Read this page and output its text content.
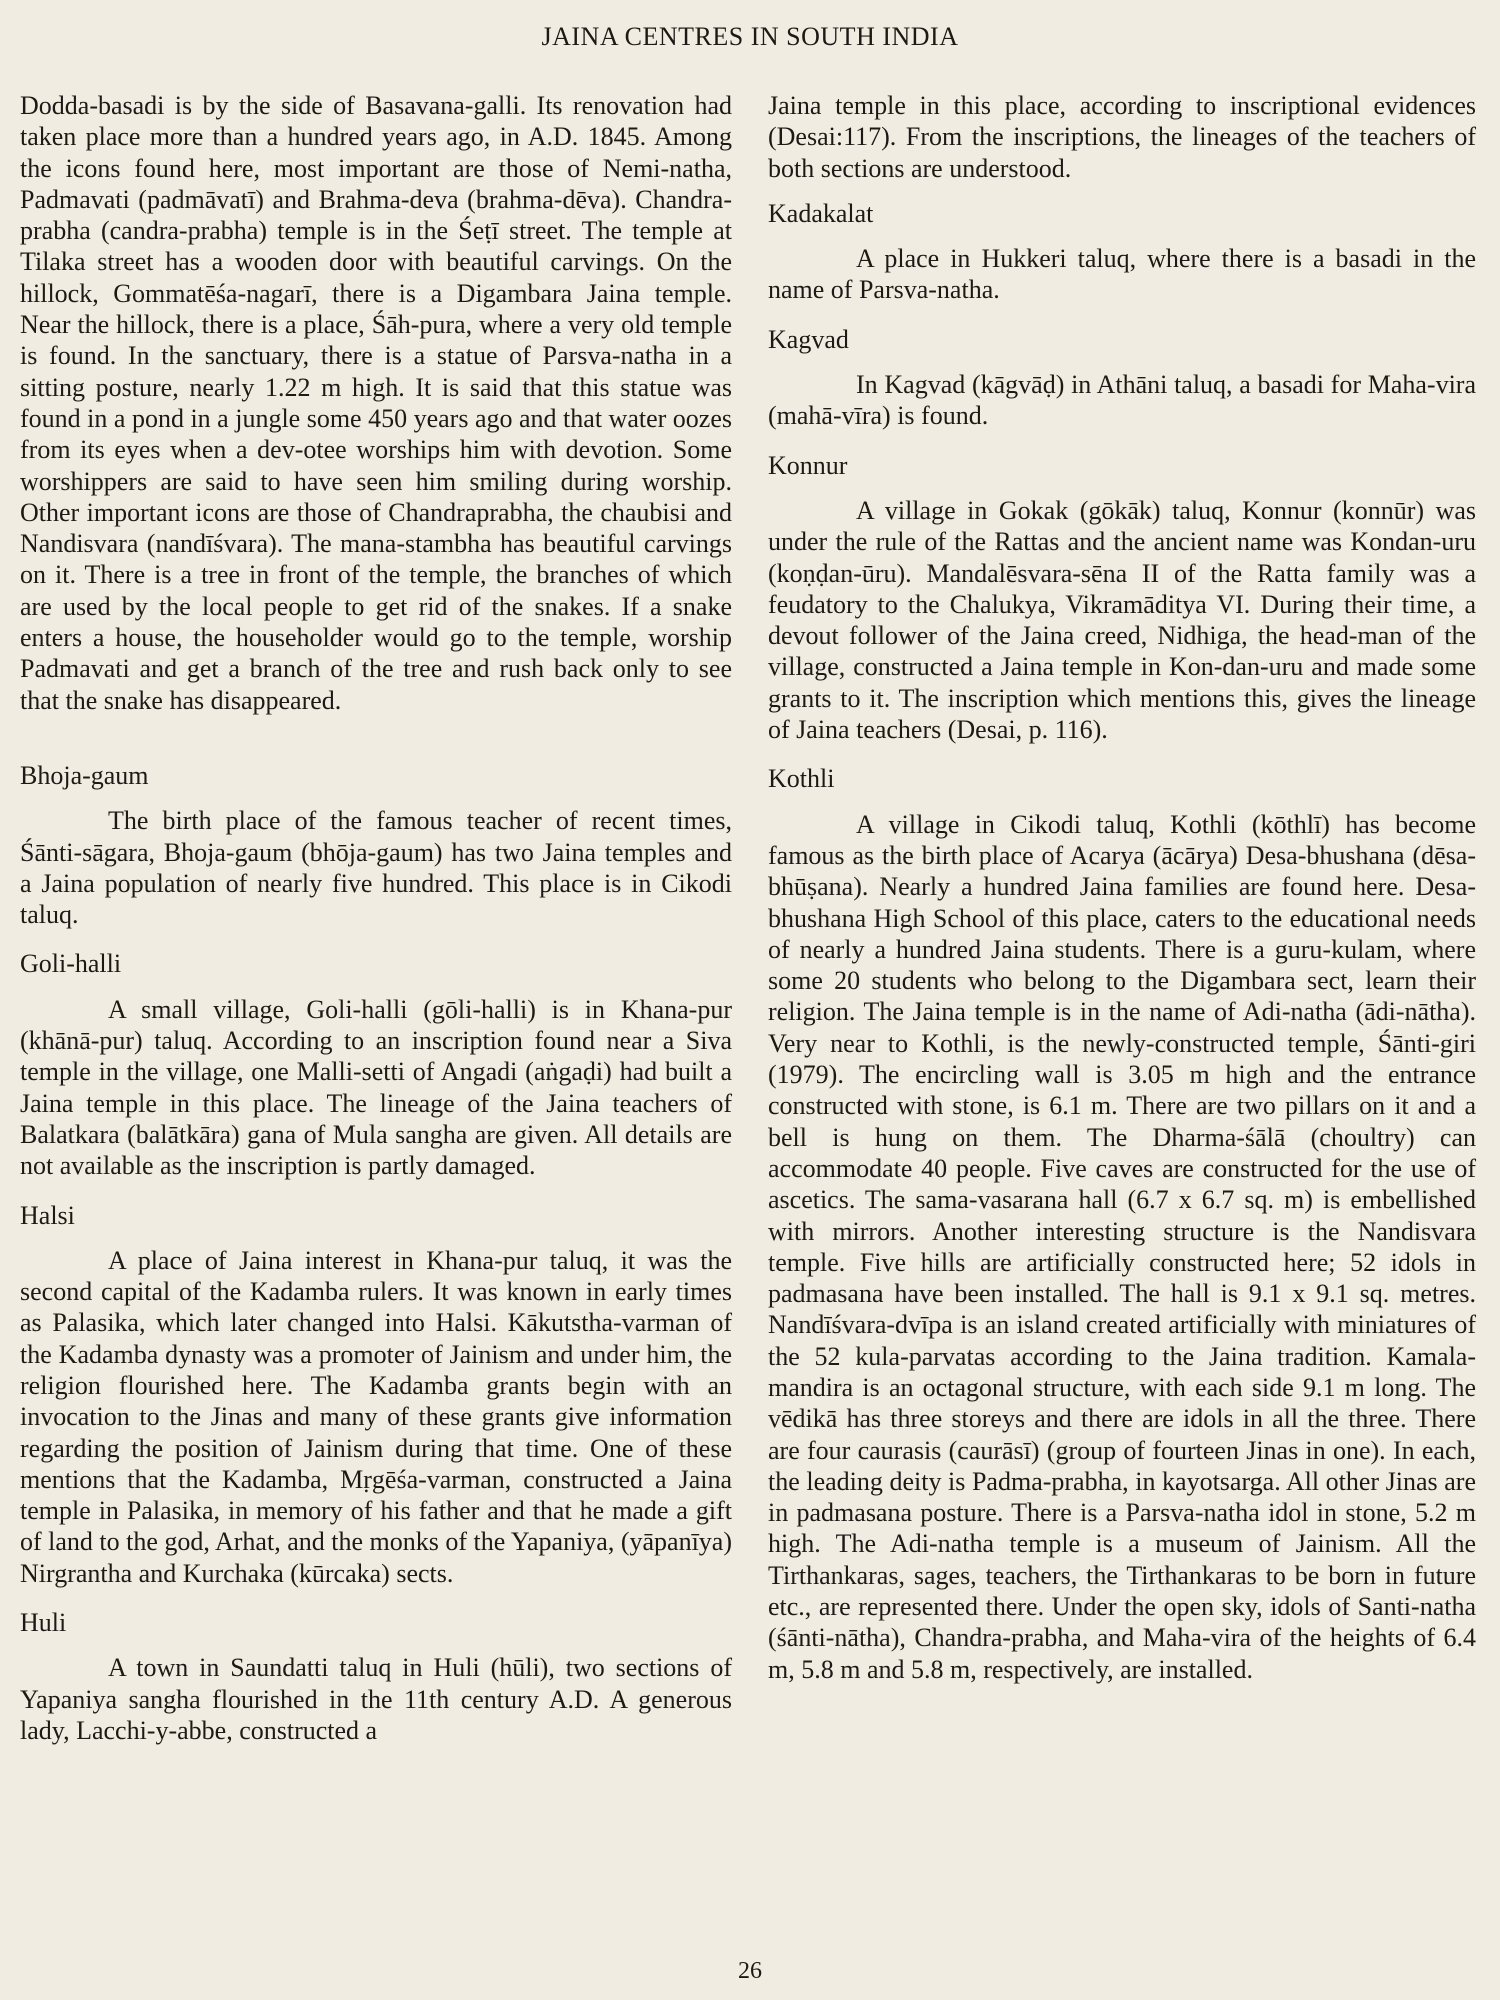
JAINA CENTRES IN SOUTH INDIA

Dodda-basadi is by the side of Basavana-galli. Its renovation had taken place more than a hundred years ago, in A.D. 1845. Among the icons found here, most important are those of Nemi-natha, Padmavati (padmāvatī) and Brahma-deva (brahma-dēva). Chandra-prabha (candra-prabha) temple is in the Śeṭī street. The temple at Tilaka street has a wooden door with beautiful carvings. On the hillock, Gommatēśa-nagarī, there is a Digambara Jaina temple. Near the hillock, there is a place, Śāh-pura, where a very old temple is found. In the sanctuary, there is a statue of Parsva-natha in a sitting posture, nearly 1.22 m high. It is said that this statue was found in a pond in a jungle some 450 years ago and that water oozes from its eyes when a dev-otee worships him with devotion. Some worshippers are said to have seen him smiling during worship. Other important icons are those of Chandraprabha, the chaubisi and Nandisvara (nandīśvara). The mana-stambha has beautiful carvings on it. There is a tree in front of the temple, the branches of which are used by the local people to get rid of the snakes. If a snake enters a house, the householder would go to the temple, worship Padmavati and get a branch of the tree and rush back only to see that the snake has disappeared.

Bhoja-gaum

The birth place of the famous teacher of recent times, Śānti-sāgara, Bhoja-gaum (bhōja-gaum) has two Jaina temples and a Jaina population of nearly five hundred. This place is in Cikodi taluq.

Goli-halli

A small village, Goli-halli (gōli-halli) is in Khana-pur (khānā-pur) taluq. According to an inscription found near a Siva temple in the village, one Malli-setti of Angadi (aṅgaḍi) had built a Jaina temple in this place. The lineage of the Jaina teachers of Balatkara (balātkāra) gana of Mula sangha are given. All details are not available as the inscription is partly damaged.

Halsi

A place of Jaina interest in Khana-pur taluq, it was the second capital of the Kadamba rulers. It was known in early times as Palasika, which later changed into Halsi. Kākutstha-varman of the Kadamba dynasty was a promoter of Jainism and under him, the religion flourished here. The Kadamba grants begin with an invocation to the Jinas and many of these grants give information regarding the position of Jainism during that time. One of these mentions that the Kadamba, Mṛgēśa-varman, constructed a Jaina temple in Palasika, in memory of his father and that he made a gift of land to the god, Arhat, and the monks of the Yapaniya, (yāpanīya) Nirgrantha and Kurchaka (kūrcaka) sects.

Huli

A town in Saundatti taluq in Huli (hūli), two sections of Yapaniya sangha flourished in the 11th century A.D. A generous lady, Lacchi-y-abbe, constructed a

Jaina temple in this place, according to inscriptional evidences (Desai:117). From the inscriptions, the lineages of the teachers of both sections are understood.

Kadakalat

A place in Hukkeri taluq, where there is a basadi in the name of Parsva-natha.

Kagvad

In Kagvad (kāgvāḍ) in Athāni taluq, a basadi for Maha-vira (mahā-vīra) is found.

Konnur

A village in Gokak (gōkāk) taluq, Konnur (konnūr) was under the rule of the Rattas and the ancient name was Kondan-uru (koṇḍan-ūru). Mandalēsvara-sēna II of the Ratta family was a feudatory to the Chalukya, Vikramāditya VI. During their time, a devout follower of the Jaina creed, Nidhiga, the head-man of the village, constructed a Jaina temple in Kon-dan-uru and made some grants to it. The inscription which mentions this, gives the lineage of Jaina teachers (Desai, p. 116).

Kothli

A village in Cikodi taluq, Kothli (kōthlī) has become famous as the birth place of Acarya (ācārya) Desa-bhushana (dēsa-bhūṣana). Nearly a hundred Jaina families are found here. Desa-bhushana High School of this place, caters to the educational needs of nearly a hundred Jaina students. There is a guru-kulam, where some 20 students who belong to the Digambara sect, learn their religion. The Jaina temple is in the name of Adi-natha (ādi-nātha). Very near to Kothli, is the newly-constructed temple, Śānti-giri (1979). The encircling wall is 3.05 m high and the entrance constructed with stone, is 6.1 m. There are two pillars on it and a bell is hung on them. The Dharma-śālā (choultry) can accommodate 40 people. Five caves are constructed for the use of ascetics. The sama-vasarana hall (6.7 x 6.7 sq. m) is embellished with mirrors. Another interesting structure is the Nandisvara temple. Five hills are artificially constructed here; 52 idols in padmasana have been installed. The hall is 9.1 x 9.1 sq. metres. Nandīśvara-dvīpa is an island created artificially with miniatures of the 52 kula-parvatas according to the Jaina tradition. Kamala-mandira is an octagonal structure, with each side 9.1 m long. The vēdikā has three storeys and there are idols in all the three. There are four caurasis (caurāsī) (group of fourteen Jinas in one). In each, the leading deity is Padma-prabha, in kayotsarga. All other Jinas are in padmasana posture. There is a Parsva-natha idol in stone, 5.2 m high. The Adi-natha temple is a museum of Jainism. All the Tirthankaras, sages, teachers, the Tirthankaras to be born in future etc., are represented there. Under the open sky, idols of Santi-natha (śānti-nātha), Chandra-prabha, and Maha-vira of the heights of 6.4 m, 5.8 m and 5.8 m, respectively, are installed.

26
